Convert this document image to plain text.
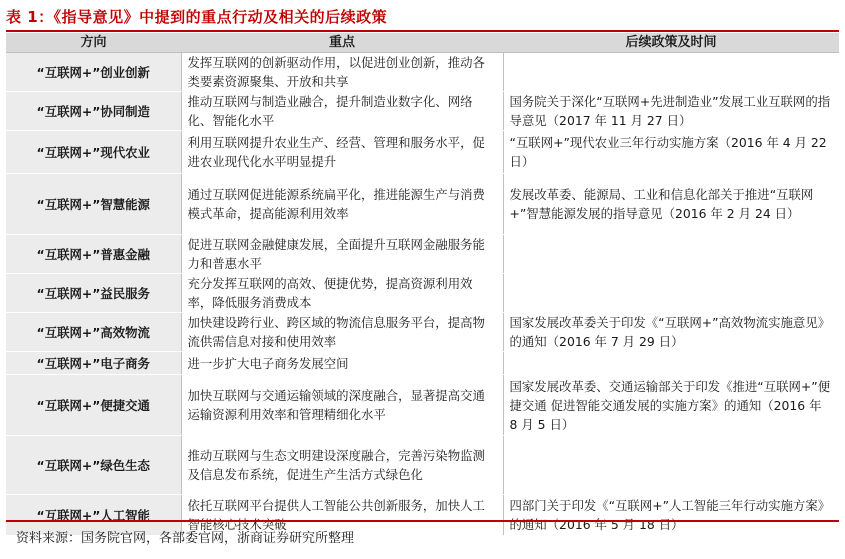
表 1：《指导意见》中提到的重点行动及相关的后续政策
方向	重点	后续政策及时间
“互联网+”创业创新	发挥互联网的创新驱动作用，以促进创业创新，推动各类要素资源聚集、开放和共享	
“互联网+”协同制造	推动互联网与制造业融合，提升制造业数字化、网络化、智能化水平	国务院关于深化“互联网+先进制造业”发展工业互联网的指导意见（2017 年 11 月 27 日）
“互联网+”现代农业	利用互联网提升农业生产、经营、管理和服务水平，促进农业现代化水平明显提升	“互联网+”现代农业三年行动实施方案（2016 年 4 月 22 日）
“互联网+”智慧能源	通过互联网促进能源系统扁平化，推进能源生产与消费模式革命，提高能源利用效率	发展改革委、能源局、工业和信息化部关于推进“互联网+”智慧能源发展的指导意见（2016 年 2 月 24 日）
“互联网+”普惠金融	促进互联网金融健康发展，全面提升互联网金融服务能力和普惠水平	
“互联网+”益民服务	充分发挥互联网的高效、便捷优势，提高资源利用效率，降低服务消费成本	
“互联网+”高效物流	加快建设跨行业、跨区域的物流信息服务平台，提高物流供需信息对接和使用效率	国家发展改革委关于印发《“互联网+”高效物流实施意见》的通知（2016 年 7 月 29 日）
“互联网+”电子商务	进一步扩大电子商务发展空间	
“互联网+”便捷交通	加快互联网与交通运输领域的深度融合，显著提高交通运输资源利用效率和管理精细化水平	国家发展改革委、交通运输部关于印发《推进“互联网+”便捷交通 促进智能交通发展的实施方案》的通知（2016 年 8 月 5 日）
“互联网+”绿色生态	推动互联网与生态文明建设深度融合，完善污染物监测及信息发布系统，促进生产生活方式绿色化	
“互联网+”人工智能	依托互联网平台提供人工智能公共创新服务，加快人工智能核心技术突破	四部门关于印发《“互联网+”人工智能三年行动实施方案》的通知（2016 年 5 月 18 日）
资料来源：国务院官网，各部委官网，浙商证券研究所整理
